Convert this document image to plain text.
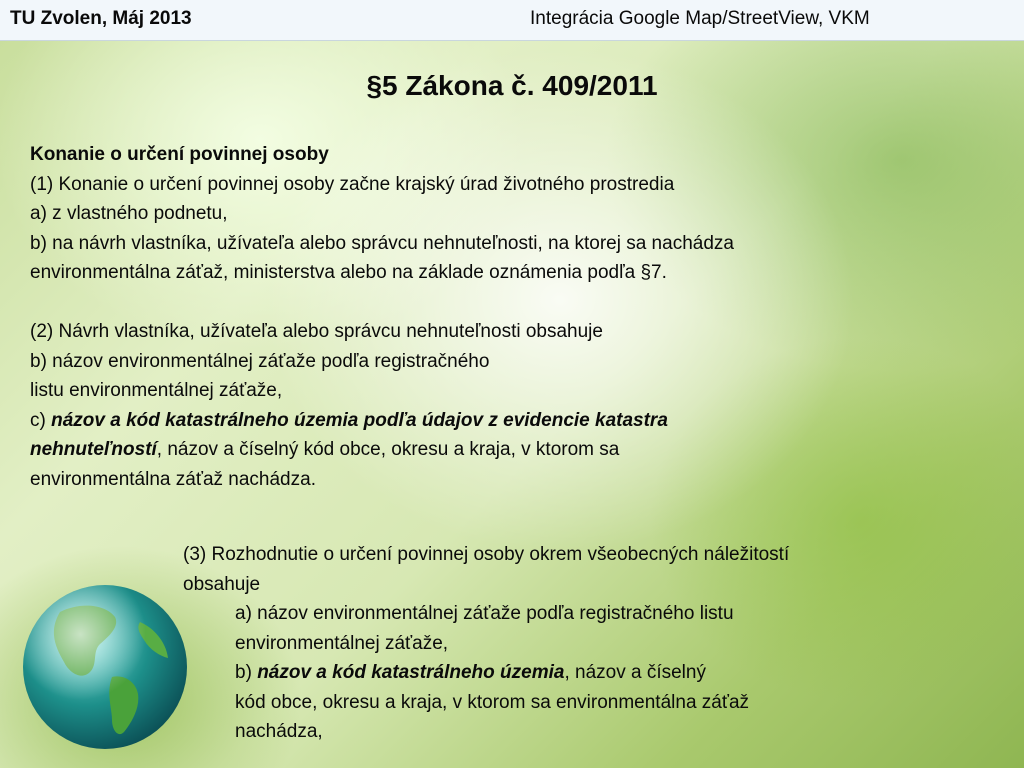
TU Zvolen, Máj 2013	Integrácia Google Map/StreetView, VKM
§5 Zákona č. 409/2011
Konanie o určení povinnej osoby
(1) Konanie o určení povinnej osoby začne krajský úrad životného prostredia
a) z vlastného podnetu,
b) na návrh vlastníka, užívateľa alebo správcu nehnuteľnosti, na ktorej sa nachádza
environmentálna záťaž, ministerstva alebo na základe oznámenia podľa §7.
(2) Návrh vlastníka, užívateľa alebo správcu nehnuteľnosti obsahuje
b) názov environmentálnej záťaže podľa registračného
listu environmentálnej záťaže,
c) názov a kód katastrálneho územia podľa údajov z evidencie katastra
nehnuteľností, názov a číselný kód obce, okresu a kraja, v ktorom sa
environmentálna záťaž nachádza.
(3) Rozhodnutie o určení povinnej osoby okrem všeobecných náležitostí
obsahuje
a) názov environmentálnej záťaže podľa registračného listu
environmentálnej záťaže,
b) názov a kód katastrálneho územia, názov a číselný
kód obce, okresu a kraja, v ktorom sa environmentálna záťaž
nachádza,
